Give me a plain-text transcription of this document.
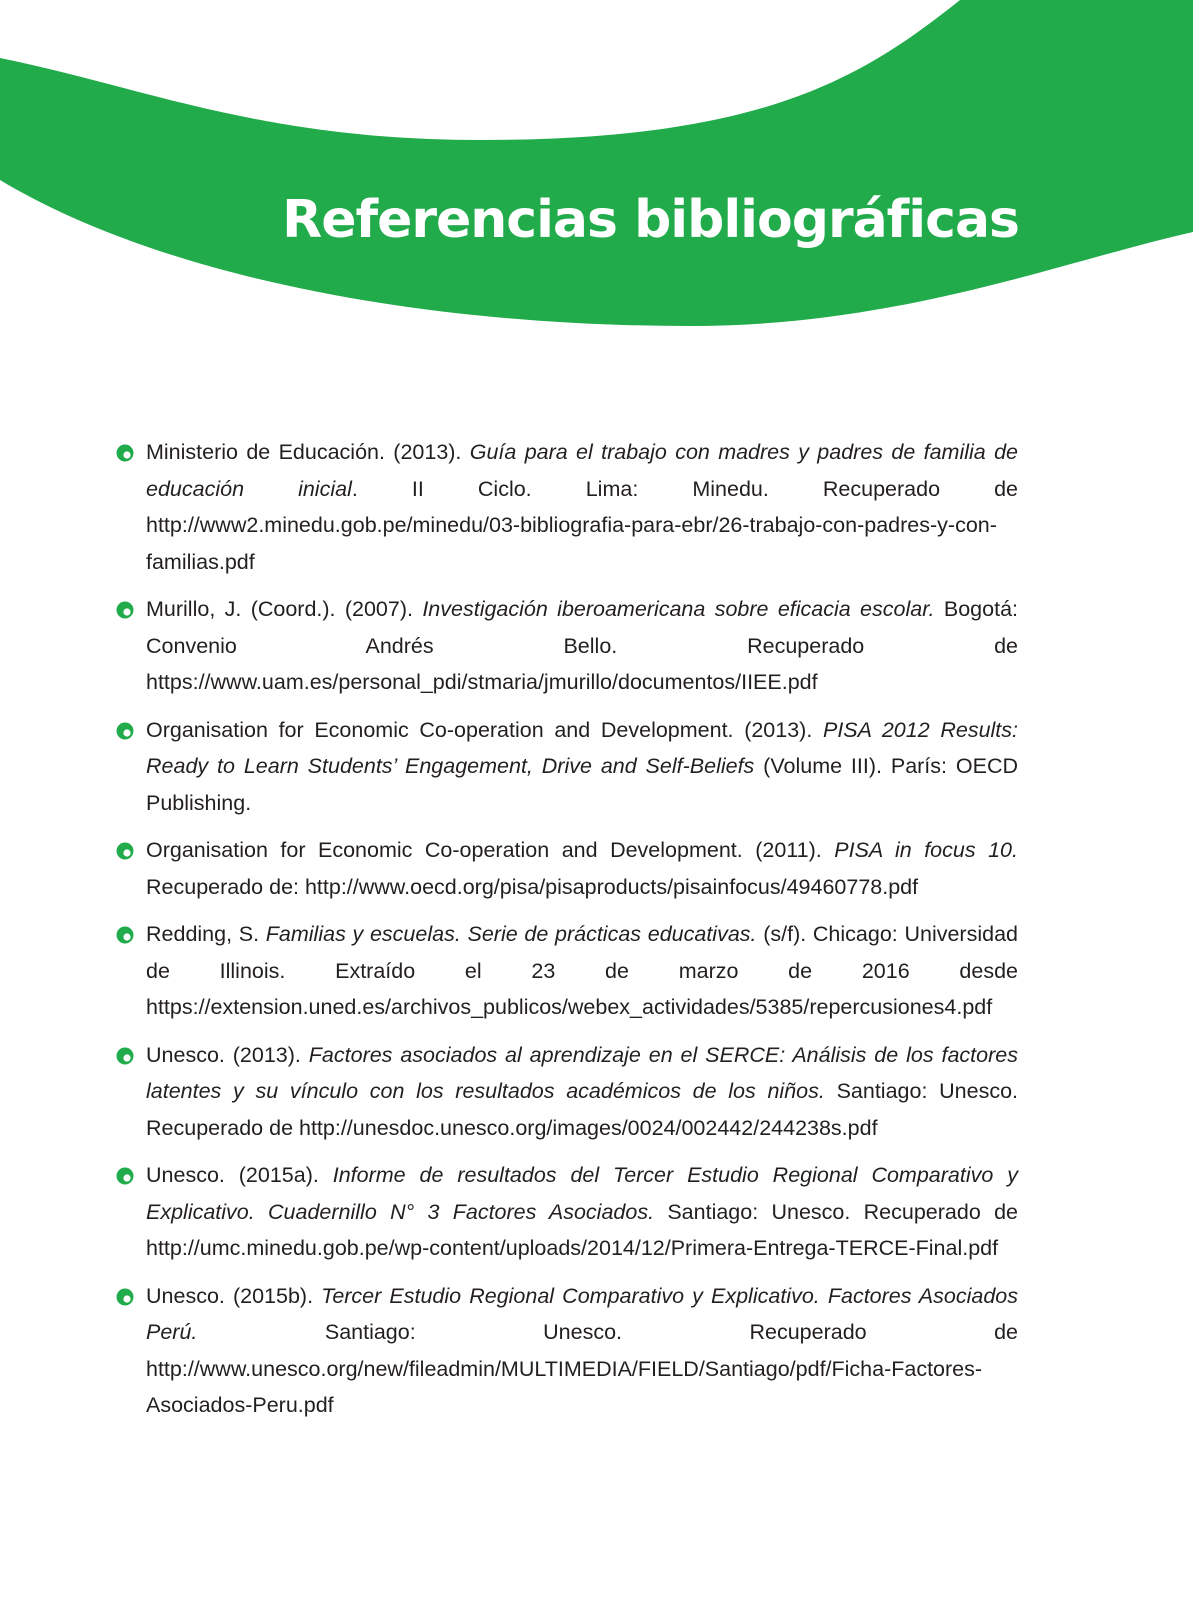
Referencias bibliográficas
Ministerio de Educación. (2013). Guía para el trabajo con madres y padres de familia de educación inicial. II Ciclo. Lima: Minedu. Recuperado de http://www2.minedu.gob.pe/minedu/03-bibliografia-para-ebr/26-trabajo-con-padres-y-con-familias.pdf
Murillo, J. (Coord.). (2007). Investigación iberoamericana sobre eficacia escolar. Bogotá: Convenio Andrés Bello. Recuperado de https://www.uam.es/personal_pdi/stmaria/jmurillo/documentos/IIEE.pdf
Organisation for Economic Co-operation and Development. (2013). PISA 2012 Results: Ready to Learn Students’ Engagement, Drive and Self-Beliefs (Volume III). París: OECD Publishing.
Organisation for Economic Co-operation and Development. (2011). PISA in focus 10. Recuperado de: http://www.oecd.org/pisa/pisaproducts/pisainfocus/49460778.pdf
Redding, S. Familias y escuelas. Serie de prácticas educativas. (s/f). Chicago: Universidad de Illinois. Extraído el 23 de marzo de 2016 desde https://extension.uned.es/archivos_publicos/webex_actividades/5385/repercusiones4.pdf
Unesco. (2013). Factores asociados al aprendizaje en el SERCE: Análisis de los factores latentes y su vínculo con los resultados académicos de los niños. Santiago: Unesco. Recuperado de http://unesdoc.unesco.org/images/0024/002442/244238s.pdf
Unesco. (2015a). Informe de resultados del Tercer Estudio Regional Comparativo y Explicativo. Cuadernillo N° 3 Factores Asociados. Santiago: Unesco. Recuperado de http://umc.minedu.gob.pe/wp-content/uploads/2014/12/Primera-Entrega-TERCE-Final.pdf
Unesco. (2015b). Tercer Estudio Regional Comparativo y Explicativo. Factores Asociados Perú. Santiago: Unesco. Recuperado de http://www.unesco.org/new/fileadmin/MULTIMEDIA/FIELD/Santiago/pdf/Ficha-Factores-Asociados-Peru.pdf
